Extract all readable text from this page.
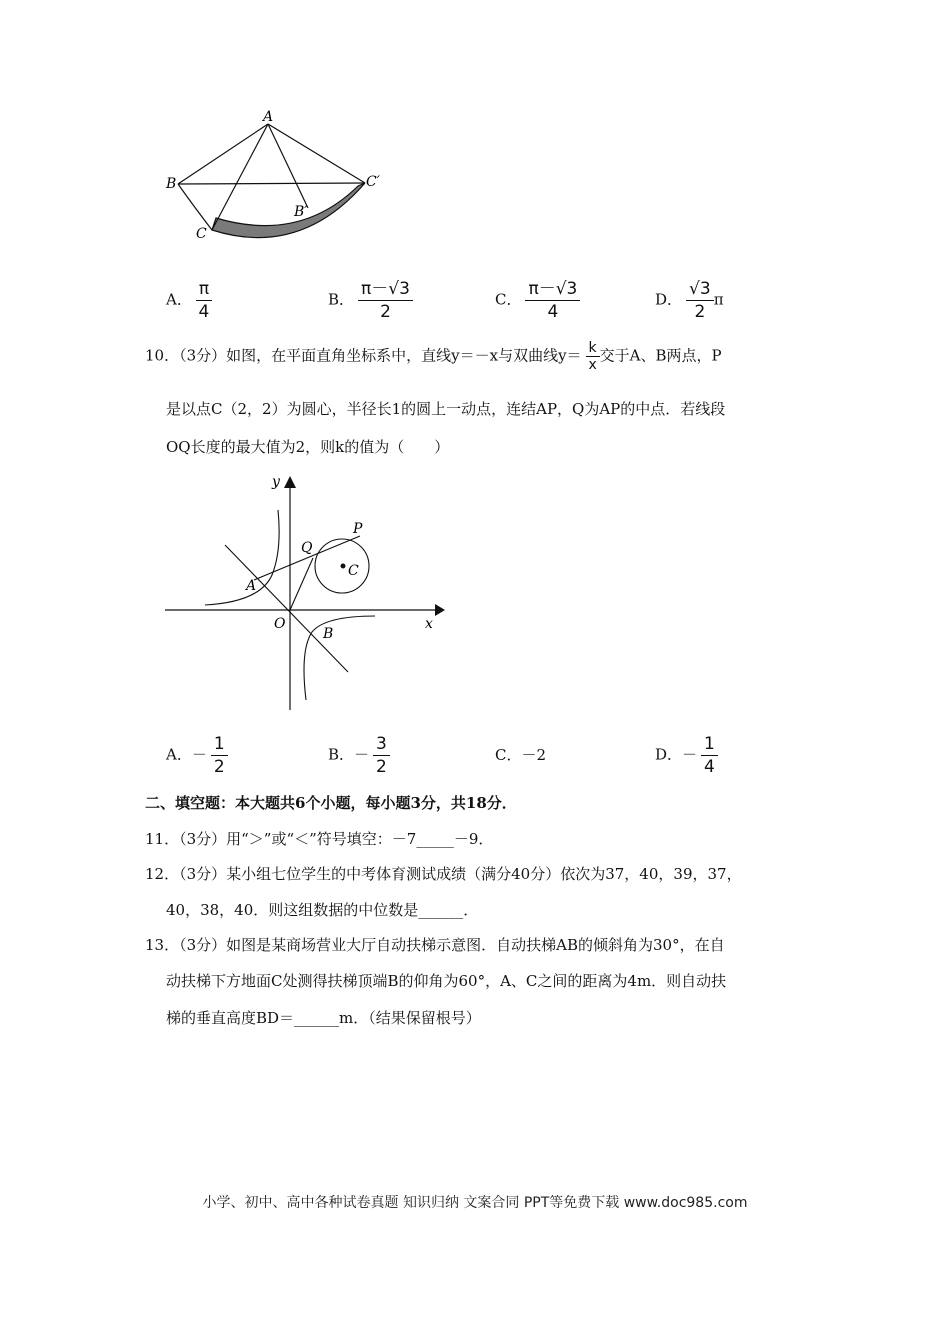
A
B
C
B′
C′
A． $\frac{\pi}{4}$	B． $\frac{\pi-√3}{2}$	C． $\frac{\pi-√3}{4}$	D． $\frac{√3}{2}$ π
10．（3分）如图，在平面直角坐标系中，直线y＝－x与双曲线$y= \frac{k}{x}$ 交于A、B两点，P
是以点C（2，2）为圆心，半径长1的圆上一动点，连结AP，Q为AP的中点．若线段
OQ长度的最大值为2，则k的值为（　　）
y
x
O
A
B
Q
P
C
A．－ $\frac{1}{2}$	B．－ $\frac{3}{2}$	C．－2	D．－ $\frac{1}{4}$
二、填空题：本大题共6个小题，每小题3分，共18分．
11．（3分）用“＞”或“＜”符号填空：－7_____－9．
12．（3分）某小组七位学生的中考体育测试成绩（满分40分）依次为37，40，39，37，
40，38，40．则这组数据的中位数是______．
13．（3分）如图是某商场营业大厅自动扶梯示意图．自动扶梯AB的倾斜角为30°，在自
动扶梯下方地面C处测得扶梯顶端B的仰角为60°，A、C之间的距离为4m．则自动扶
梯的垂直高度BD＝______m．（结果保留根号）
小学、初中、高中各种试卷真题 知识归纳 文案合同 PPT等免费下载 www.doc985.com
